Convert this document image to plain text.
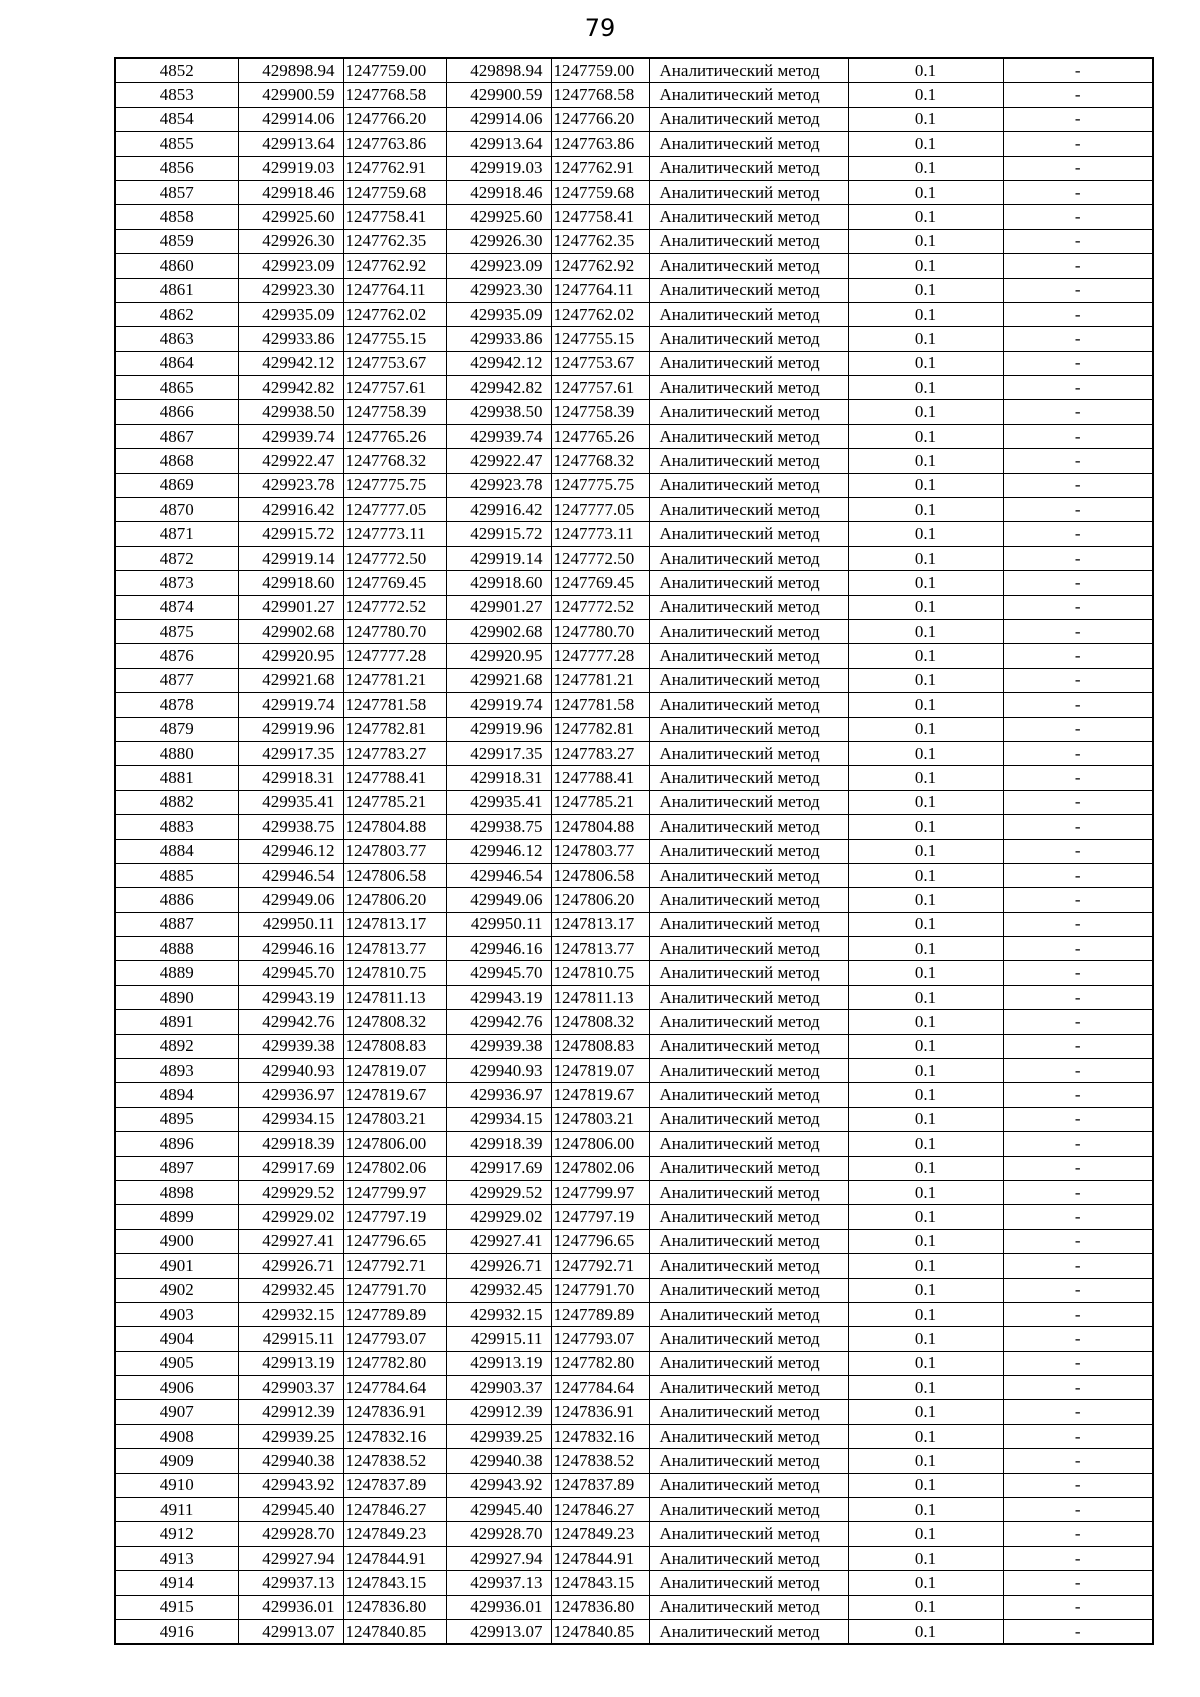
79
4852	429898.94	1247759.00	429898.94	1247759.00	Аналитический метод	0.1	-
4853	429900.59	1247768.58	429900.59	1247768.58	Аналитический метод	0.1	-
4854	429914.06	1247766.20	429914.06	1247766.20	Аналитический метод	0.1	-
4855	429913.64	1247763.86	429913.64	1247763.86	Аналитический метод	0.1	-
4856	429919.03	1247762.91	429919.03	1247762.91	Аналитический метод	0.1	-
4857	429918.46	1247759.68	429918.46	1247759.68	Аналитический метод	0.1	-
4858	429925.60	1247758.41	429925.60	1247758.41	Аналитический метод	0.1	-
4859	429926.30	1247762.35	429926.30	1247762.35	Аналитический метод	0.1	-
4860	429923.09	1247762.92	429923.09	1247762.92	Аналитический метод	0.1	-
4861	429923.30	1247764.11	429923.30	1247764.11	Аналитический метод	0.1	-
4862	429935.09	1247762.02	429935.09	1247762.02	Аналитический метод	0.1	-
4863	429933.86	1247755.15	429933.86	1247755.15	Аналитический метод	0.1	-
4864	429942.12	1247753.67	429942.12	1247753.67	Аналитический метод	0.1	-
4865	429942.82	1247757.61	429942.82	1247757.61	Аналитический метод	0.1	-
4866	429938.50	1247758.39	429938.50	1247758.39	Аналитический метод	0.1	-
4867	429939.74	1247765.26	429939.74	1247765.26	Аналитический метод	0.1	-
4868	429922.47	1247768.32	429922.47	1247768.32	Аналитический метод	0.1	-
4869	429923.78	1247775.75	429923.78	1247775.75	Аналитический метод	0.1	-
4870	429916.42	1247777.05	429916.42	1247777.05	Аналитический метод	0.1	-
4871	429915.72	1247773.11	429915.72	1247773.11	Аналитический метод	0.1	-
4872	429919.14	1247772.50	429919.14	1247772.50	Аналитический метод	0.1	-
4873	429918.60	1247769.45	429918.60	1247769.45	Аналитический метод	0.1	-
4874	429901.27	1247772.52	429901.27	1247772.52	Аналитический метод	0.1	-
4875	429902.68	1247780.70	429902.68	1247780.70	Аналитический метод	0.1	-
4876	429920.95	1247777.28	429920.95	1247777.28	Аналитический метод	0.1	-
4877	429921.68	1247781.21	429921.68	1247781.21	Аналитический метод	0.1	-
4878	429919.74	1247781.58	429919.74	1247781.58	Аналитический метод	0.1	-
4879	429919.96	1247782.81	429919.96	1247782.81	Аналитический метод	0.1	-
4880	429917.35	1247783.27	429917.35	1247783.27	Аналитический метод	0.1	-
4881	429918.31	1247788.41	429918.31	1247788.41	Аналитический метод	0.1	-
4882	429935.41	1247785.21	429935.41	1247785.21	Аналитический метод	0.1	-
4883	429938.75	1247804.88	429938.75	1247804.88	Аналитический метод	0.1	-
4884	429946.12	1247803.77	429946.12	1247803.77	Аналитический метод	0.1	-
4885	429946.54	1247806.58	429946.54	1247806.58	Аналитический метод	0.1	-
4886	429949.06	1247806.20	429949.06	1247806.20	Аналитический метод	0.1	-
4887	429950.11	1247813.17	429950.11	1247813.17	Аналитический метод	0.1	-
4888	429946.16	1247813.77	429946.16	1247813.77	Аналитический метод	0.1	-
4889	429945.70	1247810.75	429945.70	1247810.75	Аналитический метод	0.1	-
4890	429943.19	1247811.13	429943.19	1247811.13	Аналитический метод	0.1	-
4891	429942.76	1247808.32	429942.76	1247808.32	Аналитический метод	0.1	-
4892	429939.38	1247808.83	429939.38	1247808.83	Аналитический метод	0.1	-
4893	429940.93	1247819.07	429940.93	1247819.07	Аналитический метод	0.1	-
4894	429936.97	1247819.67	429936.97	1247819.67	Аналитический метод	0.1	-
4895	429934.15	1247803.21	429934.15	1247803.21	Аналитический метод	0.1	-
4896	429918.39	1247806.00	429918.39	1247806.00	Аналитический метод	0.1	-
4897	429917.69	1247802.06	429917.69	1247802.06	Аналитический метод	0.1	-
4898	429929.52	1247799.97	429929.52	1247799.97	Аналитический метод	0.1	-
4899	429929.02	1247797.19	429929.02	1247797.19	Аналитический метод	0.1	-
4900	429927.41	1247796.65	429927.41	1247796.65	Аналитический метод	0.1	-
4901	429926.71	1247792.71	429926.71	1247792.71	Аналитический метод	0.1	-
4902	429932.45	1247791.70	429932.45	1247791.70	Аналитический метод	0.1	-
4903	429932.15	1247789.89	429932.15	1247789.89	Аналитический метод	0.1	-
4904	429915.11	1247793.07	429915.11	1247793.07	Аналитический метод	0.1	-
4905	429913.19	1247782.80	429913.19	1247782.80	Аналитический метод	0.1	-
4906	429903.37	1247784.64	429903.37	1247784.64	Аналитический метод	0.1	-
4907	429912.39	1247836.91	429912.39	1247836.91	Аналитический метод	0.1	-
4908	429939.25	1247832.16	429939.25	1247832.16	Аналитический метод	0.1	-
4909	429940.38	1247838.52	429940.38	1247838.52	Аналитический метод	0.1	-
4910	429943.92	1247837.89	429943.92	1247837.89	Аналитический метод	0.1	-
4911	429945.40	1247846.27	429945.40	1247846.27	Аналитический метод	0.1	-
4912	429928.70	1247849.23	429928.70	1247849.23	Аналитический метод	0.1	-
4913	429927.94	1247844.91	429927.94	1247844.91	Аналитический метод	0.1	-
4914	429937.13	1247843.15	429937.13	1247843.15	Аналитический метод	0.1	-
4915	429936.01	1247836.80	429936.01	1247836.80	Аналитический метод	0.1	-
4916	429913.07	1247840.85	429913.07	1247840.85	Аналитический метод	0.1	-
